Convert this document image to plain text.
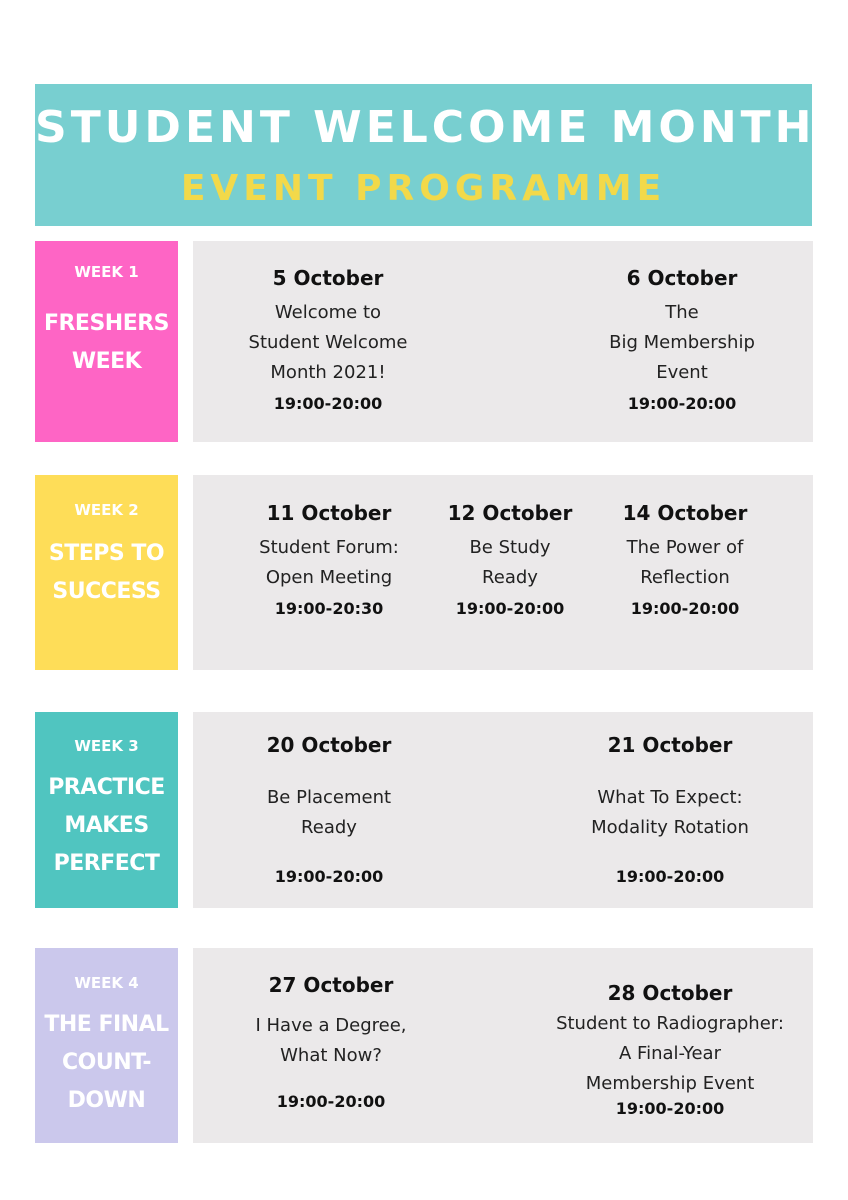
STUDENT WELCOME MONTH
EVENT PROGRAMME
WEEK 1
FRESHERS
WEEK
5 October
Welcome to
Student Welcome
Month 2021!
19:00-20:00
6 October
The
Big Membership
Event
19:00-20:00
WEEK 2
STEPS TO
SUCCESS
11 October
Student Forum:
Open Meeting
19:00-20:30
12 October
Be Study
Ready
19:00-20:00
14 October
The Power of
Reflection
19:00-20:00
WEEK 3
PRACTICE
MAKES
PERFECT
20 October
Be Placement
Ready
19:00-20:00
21 October
What To Expect:
Modality Rotation
19:00-20:00
WEEK 4
THE FINAL
COUNT-
DOWN
27 October
I Have a Degree,
What Now?
19:00-20:00
28 October
Student to Radiographer:
A Final-Year
Membership Event
19:00-20:00
